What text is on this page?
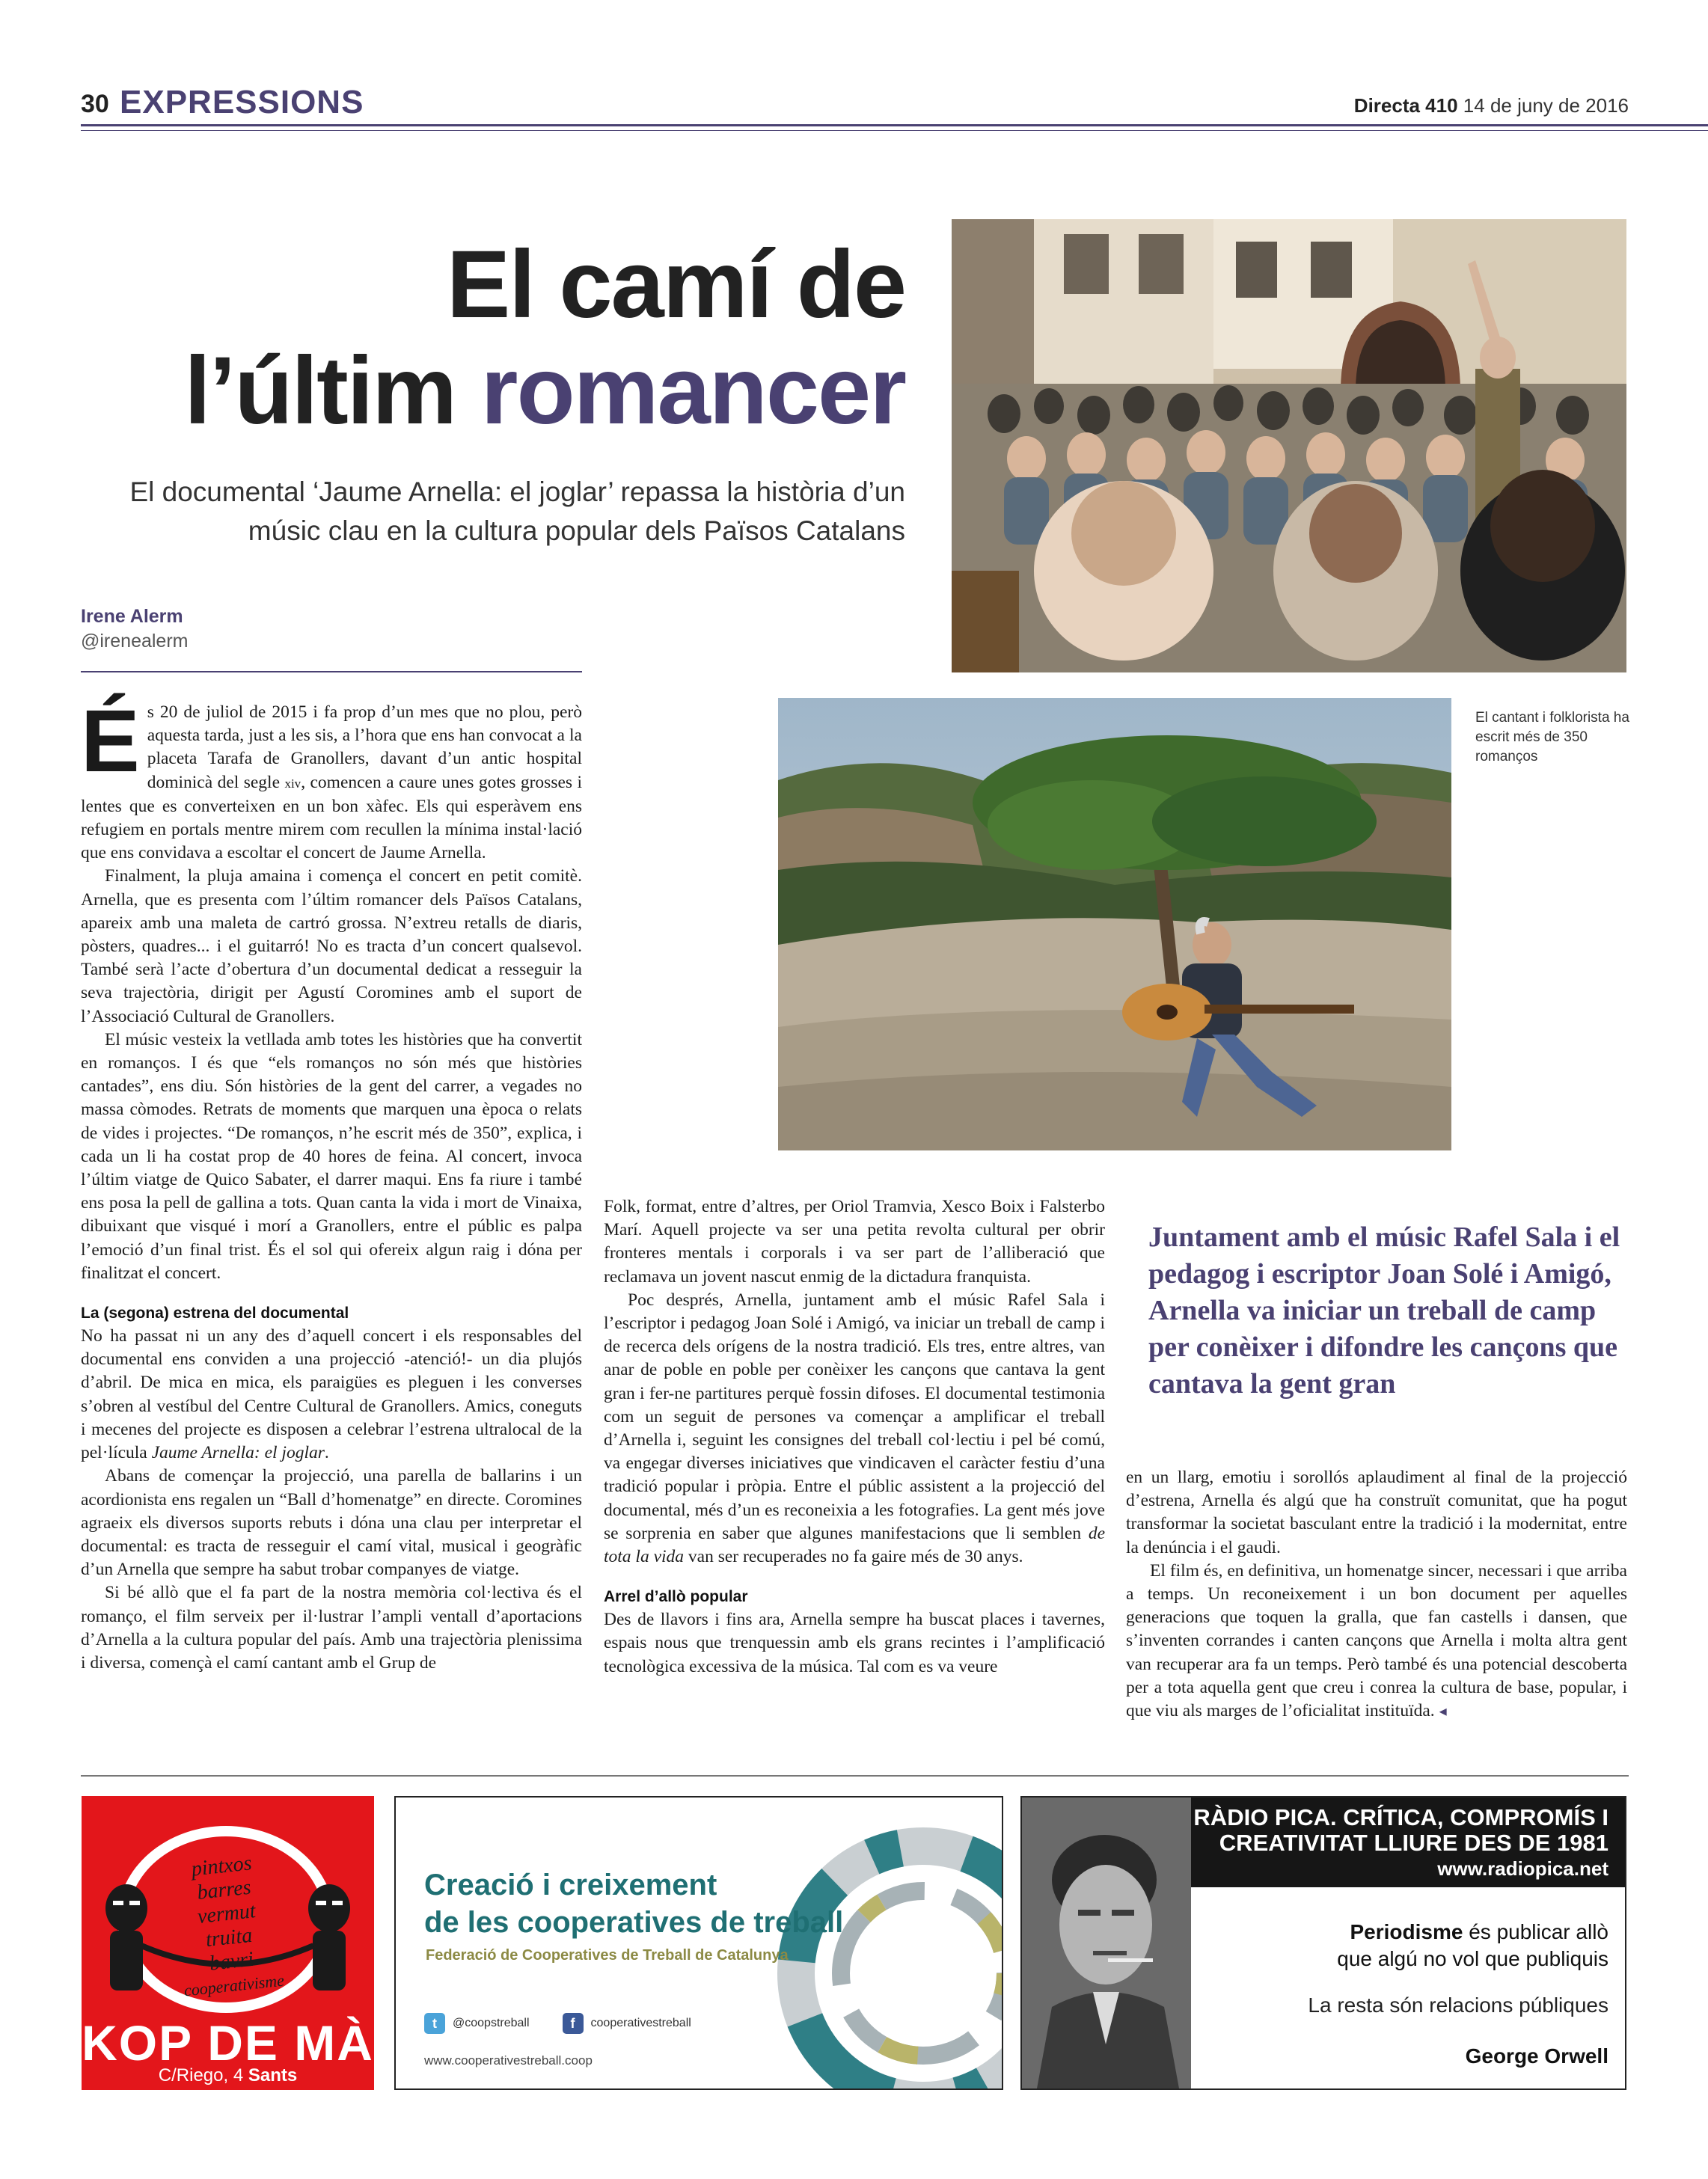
30 EXPRESSIONS	Directa 410 14 de juny de 2016
El camí de
l’últim romancer
El documental ‘Jaume Arnella: el joglar’ repassa la història d’un músic clau en la cultura popular dels Països Catalans
Irene Alerm
@irenealerm
El cantant i folklorista ha escrit més de 350 romanços

És 20 de juliol de 2015 i fa prop d’un mes que no plou, però aquesta tarda, just a les sis, a l’hora que ens han convocat a la placeta Tarafa de Granollers, davant d’un antic hospital dominicà del segle xiv, comencen a caure unes gotes grosses i lentes que es converteixen en un bon xàfec. Els qui esperàvem ens refugiem en portals mentre mirem com recullen la mínima instal·lació que ens convidava a escoltar el concert de Jaume Arnella.

Finalment, la pluja amaina i comença el concert en petit comitè. Arnella, que es presenta com l’últim romancer dels Països Catalans, apareix amb una maleta de cartró grossa. N’extreu retalls de diaris, pòsters, quadres... i el guitarró! No es tracta d’un concert qualsevol. També serà l’acte d’obertura d’un documental dedicat a resseguir la seva trajectòria, dirigit per Agustí Coromines amb el suport de l’Associació Cultural de Granollers.

El músic vesteix la vetllada amb totes les històries que ha convertit en romanços. I és que “els romanços no són més que històries cantades”, ens diu. Són històries de la gent del carrer, a vegades no massa còmodes. Retrats de moments que marquen una època o relats de vides i projectes. “De romanços, n’he escrit més de 350”, explica, i cada un li ha costat prop de 40 hores de feina. Al concert, invoca l’últim viatge de Quico Sabater, el darrer maqui. Ens fa riure i també ens posa la pell de gallina a tots. Quan canta la vida i mort de Vinaixa, dibuixant que visqué i morí a Granollers, entre el públic es palpa l’emoció d’un final trist. És el sol qui ofereix algun raig i dóna per finalitzat el concert.

La (segona) estrena del documental

No ha passat ni un any des d’aquell concert i els responsables del documental ens conviden a una projecció -atenció!- un dia plujós d’abril. De mica en mica, els paraigües es pleguen i les converses s’obren al vestíbul del Centre Cultural de Granollers. Amics, coneguts i mecenes del projecte es disposen a celebrar l’estrena ultralocal de la pel·lícula Jaume Arnella: el joglar.

Abans de començar la projecció, una parella de ballarins i un acordionista ens regalen un “Ball d’homenatge” en directe. Coromines agraeix els diversos suports rebuts i dóna una clau per interpretar el documental: es tracta de resseguir el camí vital, musical i geogràfic d’un Arnella que sempre ha sabut trobar companyes de viatge.

Si bé allò que el fa part de la nostra memòria col·lectiva és el romanço, el film serveix per il·lustrar l’ampli ventall d’aportacions d’Arnella a la cultura popular del país. Amb una trajectòria plenissima i diversa, començà el camí cantant amb el Grup de

Folk, format, entre d’altres, per Oriol Tramvia, Xesco Boix i Falsterbo Marí. Aquell projecte va ser una petita revolta cultural per obrir fronteres mentals i corporals i va ser part de l’alliberació que reclamava un jovent nascut enmig de la dictadura franquista.

Poc després, Arnella, juntament amb el músic Rafel Sala i l’escriptor i pedagog Joan Solé i Amigó, va iniciar un treball de camp i de recerca dels orígens de la nostra tradició. Els tres, entre altres, van anar de poble en poble per conèixer les cançons que cantava la gent gran i fer-ne partitures perquè fossin difoses. El documental testimonia com un seguit de persones va començar a amplificar el treball d’Arnella i, seguint les consignes del treball col·lectiu i pel bé comú, va engegar diverses iniciatives que vindicaven el caràcter festiu d’una tradició popular i pròpia. Entre el públic assistent a la projecció del documental, més d’un es reconeixia a les fotografies. La gent més jove se sorprenia en saber que algunes manifestacions que li semblen de tota la vida van ser recuperades no fa gaire més de 30 anys.

Arrel d’allò popular

Des de llavors i fins ara, Arnella sempre ha buscat places i tavernes, espais nous que trenquessin amb els grans recintes i l’amplificació tecnològica excessiva de la música. Tal com es va veure

Juntament amb el músic Rafel Sala i el pedagog i escriptor Joan Solé i Amigó, Arnella va iniciar un treball de camp per conèixer i difondre les cançons que cantava la gent gran

en un llarg, emotiu i sorollós aplaudiment al final de la projecció d’estrena, Arnella és algú que ha construït comunitat, que ha pogut transformar la societat basculant entre la tradició i la modernitat, entre la denúncia i el gaudi.

El film és, en definitiva, un homenatge sincer, necessari i que arriba a temps. Un reconeixement i un bon document per aquelles generacions que toquen la gralla, que fan castells i dansen, que s’inventen corrandes i canten cançons que Arnella i molta altra gent van recuperar ara fa un temps. Però també és una potencial descoberta per a tota aquella gent que creu i conrea la cultura de base, popular, i que viu als marges de l’oficialitat instituïda. ◂

pintxos
barres
vermut
truita
bavri
cooperativisme
KOP DE MÀ
C/Riego, 4 Sants
Creació i creixement
de les cooperatives de treball
Federació de Cooperatives de Treball de Catalunya
t	@coopstreball	f	cooperativestreball
www.cooperativestreball.coop
RÀDIO PICA. CRÍTICA, COMPROMÍS I CREATIVITAT LLIURE DES DE 1981
www.radiopica.net
Periodisme és publicar allò
que algú no vol que publiquis
La resta són relacions públiques
George Orwell
